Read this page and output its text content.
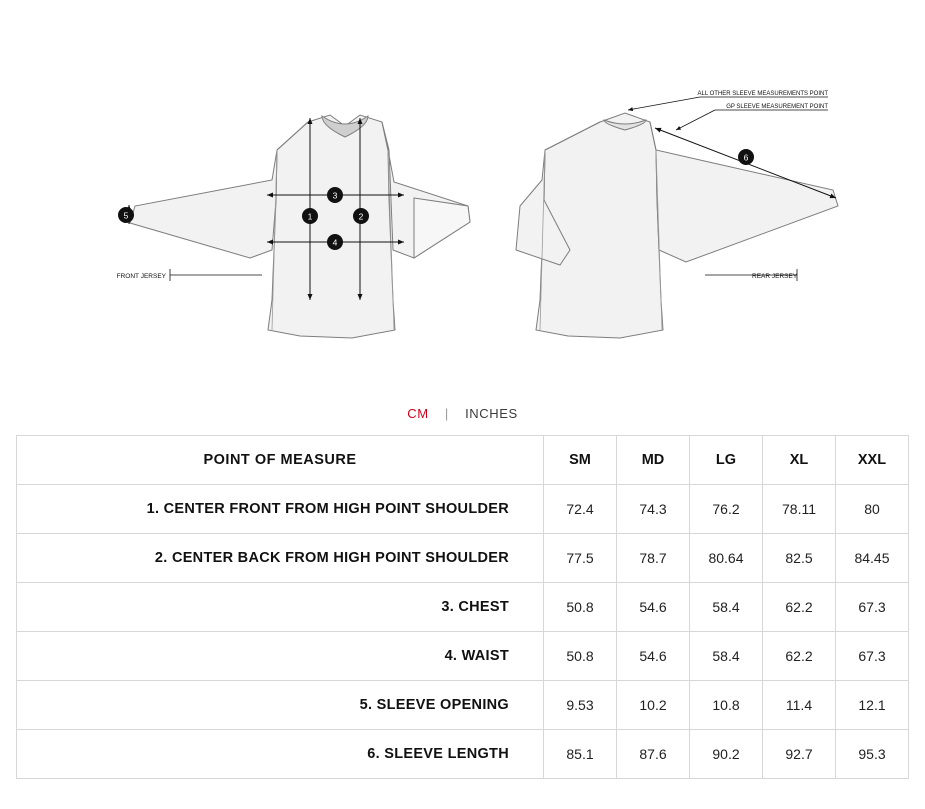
FRONT JERSEY
1	2
3
4
5
ALL OTHER SLEEVE MEASUREMENTS POINT
GP SLEEVE MEASUREMENT POINT
REAR JERSEY
6
CM | INCHES
POINT OF MEASURE	SM	MD	LG	XL	XXL
1. CENTER FRONT FROM HIGH POINT SHOULDER	72.4	74.3	76.2	78.11	80
2. CENTER BACK FROM HIGH POINT SHOULDER	77.5	78.7	80.64	82.5	84.45
3. CHEST	50.8	54.6	58.4	62.2	67.3
4. WAIST	50.8	54.6	58.4	62.2	67.3
5. SLEEVE OPENING	9.53	10.2	10.8	11.4	12.1
6. SLEEVE LENGTH	85.1	87.6	90.2	92.7	95.3
